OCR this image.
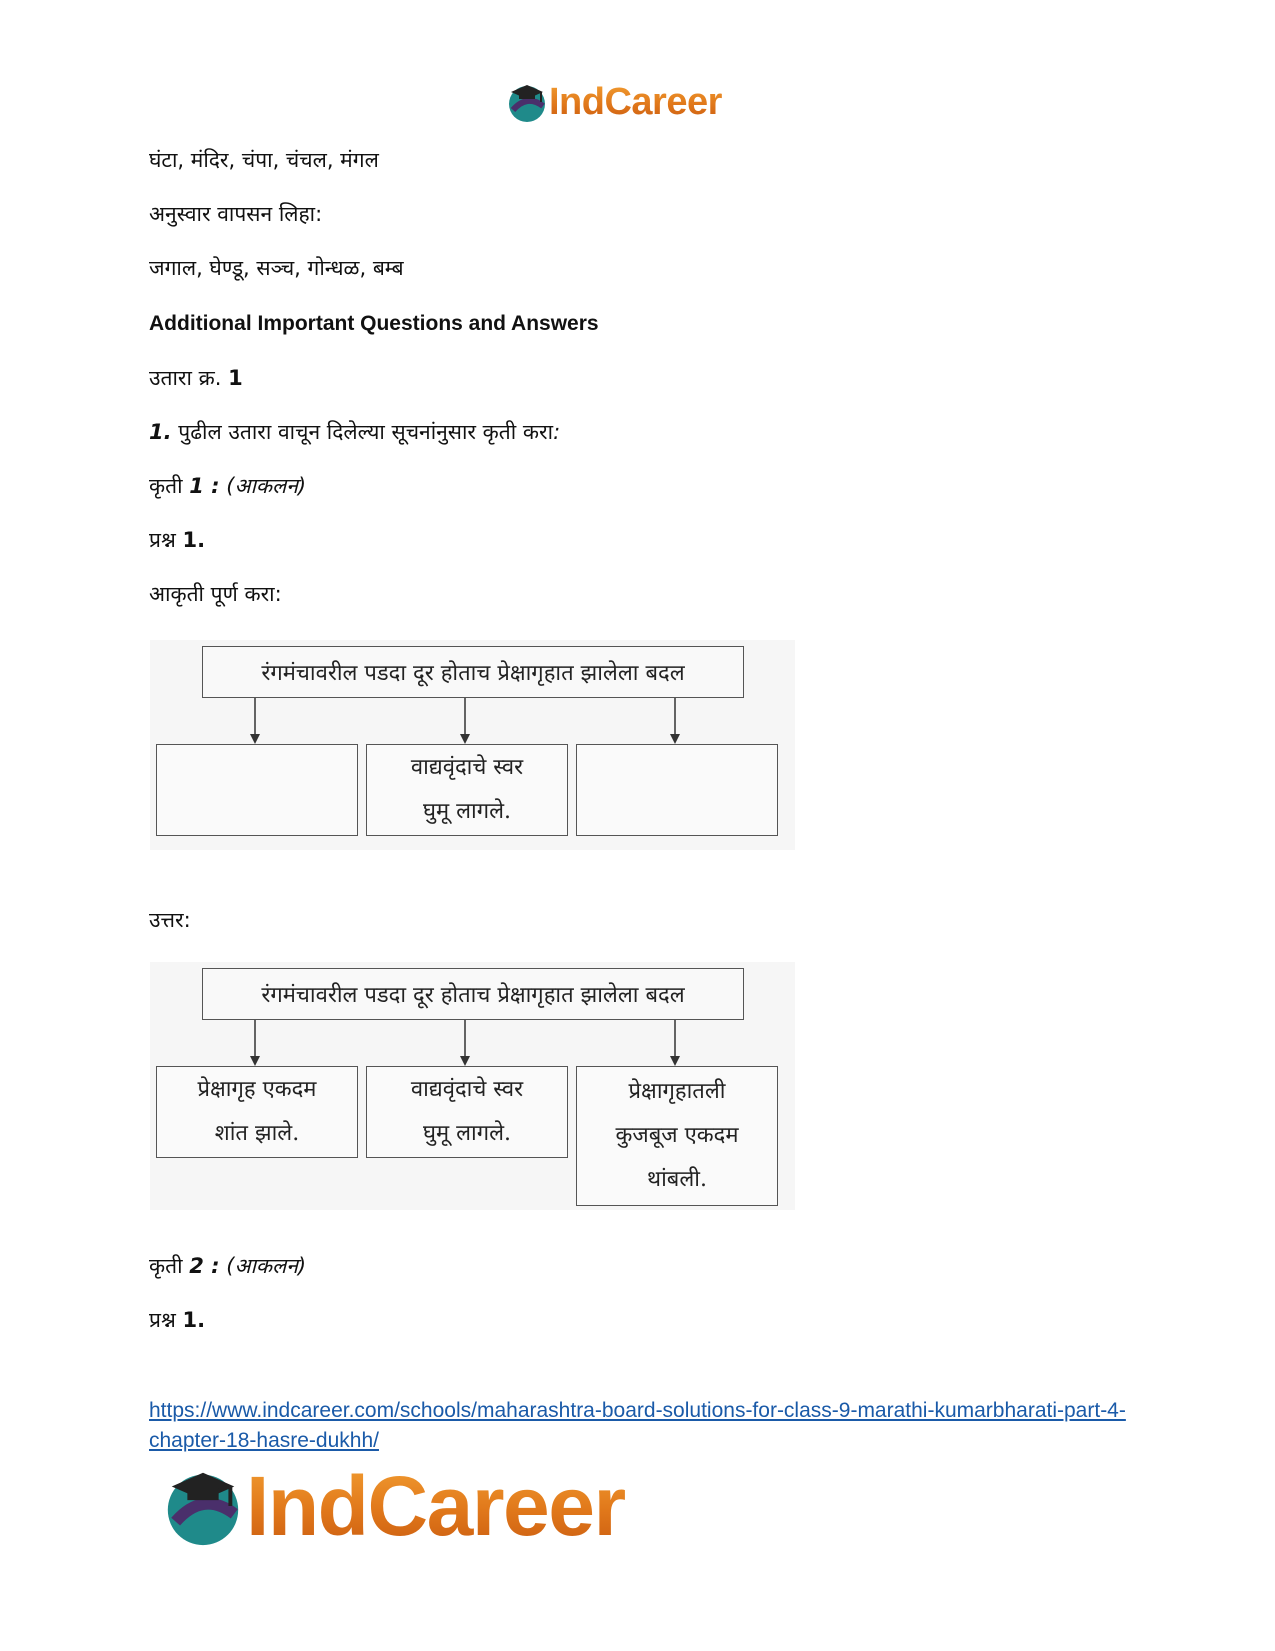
IndCareer
घंटा, मंदिर, चंपा, चंचल, मंगल
अनुस्वार वापसन लिहा:
जगाल, घेण्डू, सञ्च, गोन्धळ, बम्ब
Additional Important Questions and Answers
उतारा क्र. 1
1. पुढील उतारा वाचून दिलेल्या सूचनांनुसार कृती करा:
कृती 1 : (आकलन)
प्रश्न 1.
आकृती पूर्ण करा:
रंगमंचावरील पडदा दूर होताच प्रेक्षागृहात झालेला बदल
वाद्यवृंदाचे स्वर
घुमू लागले.
उत्तर:
रंगमंचावरील पडदा दूर होताच प्रेक्षागृहात झालेला बदल
प्रेक्षागृह एकदम
शांत झाले.
वाद्यवृंदाचे स्वर
घुमू लागले.
प्रेक्षागृहातली
कुजबूज एकदम
थांबली.
कृती 2 : (आकलन)
प्रश्न 1.
https://www.indcareer.com/schools/maharashtra-board-solutions-for-class-9-marathi-kumarbharati-part-4-chapter-18-hasre-dukhh/
IndCareer
